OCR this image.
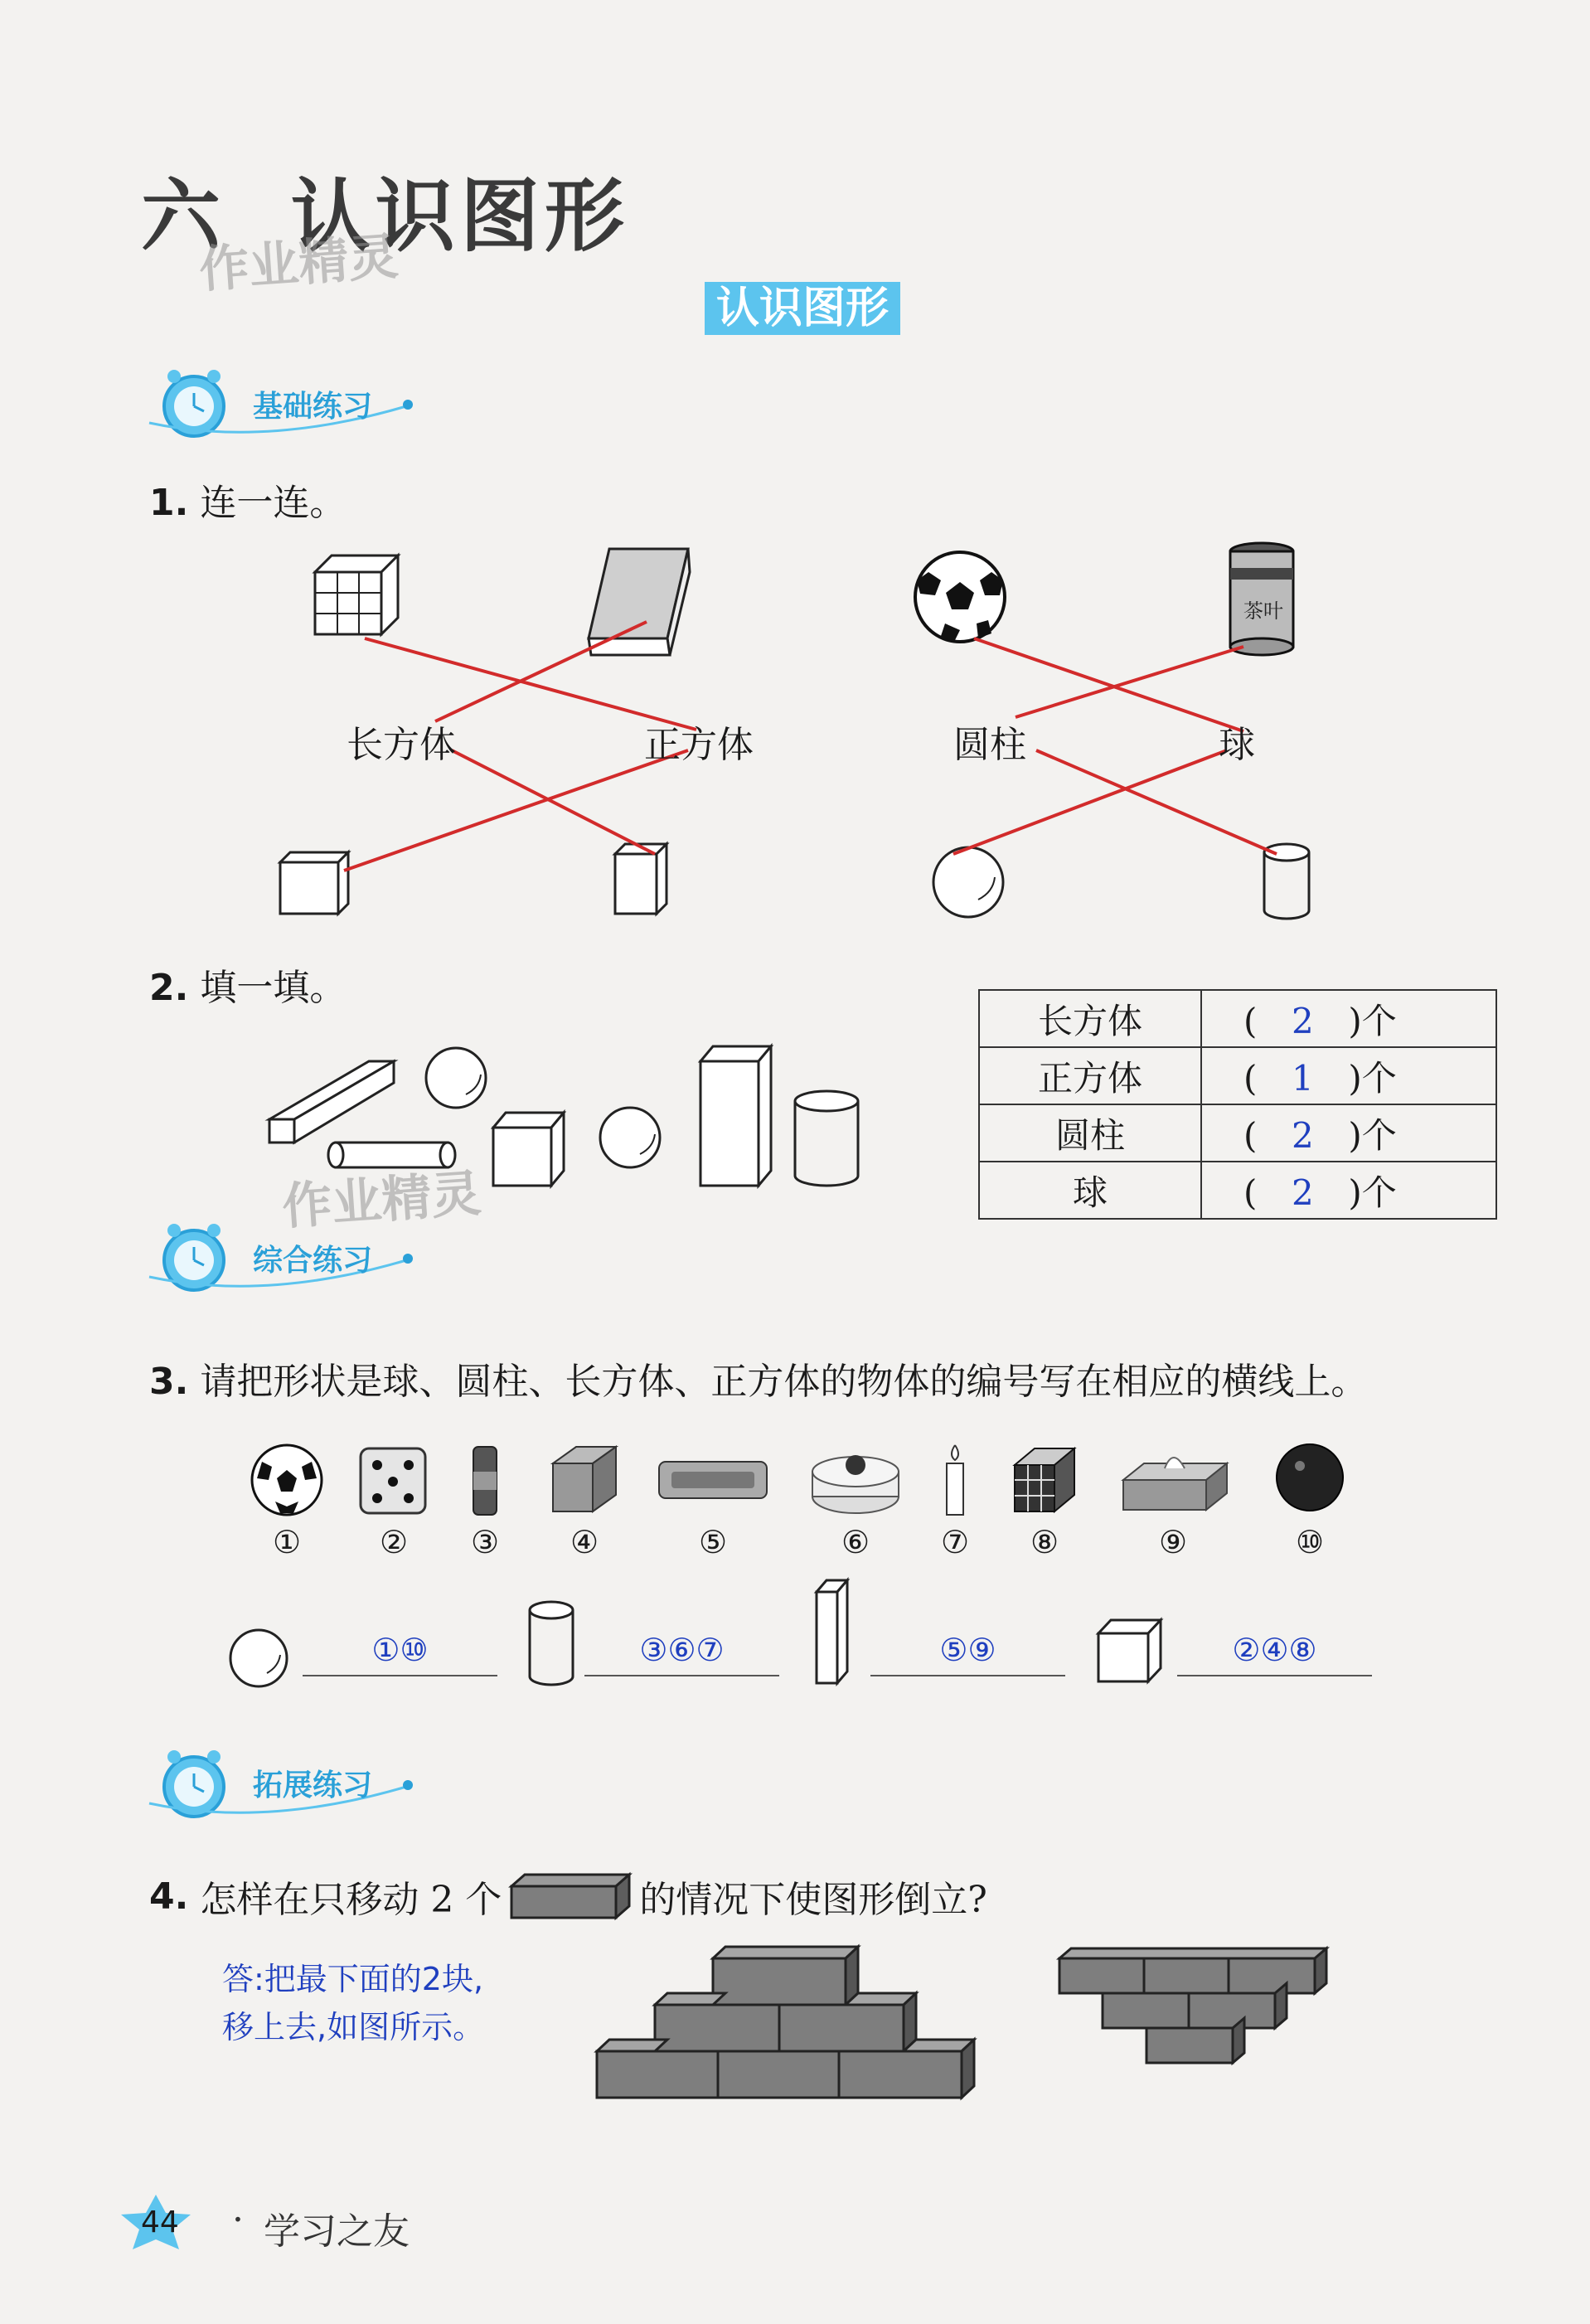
六 认识图形
作业精灵
认识图形
基础练习
1. 连一连。
茶叶
长方体	正方体	圆柱	球
2. 填一填。
作业精灵
长方体	( 2 )个
正方体	( 1 )个
圆柱	( 2 )个
球	( 2 )个
综合练习
3. 请把形状是球、圆柱、长方体、正方体的物体的编号写在相应的横线上。
①	②	③	④	⑤	⑥	⑦	⑧	⑨	⑩
①⑩	③⑥⑦	⑤⑨	②④⑧
拓展练习
4.
怎样在只移动 2 个	的情况下使图形倒立?
答:把最下面的2块,
移上去,如图所示。
44 · 学习之友
